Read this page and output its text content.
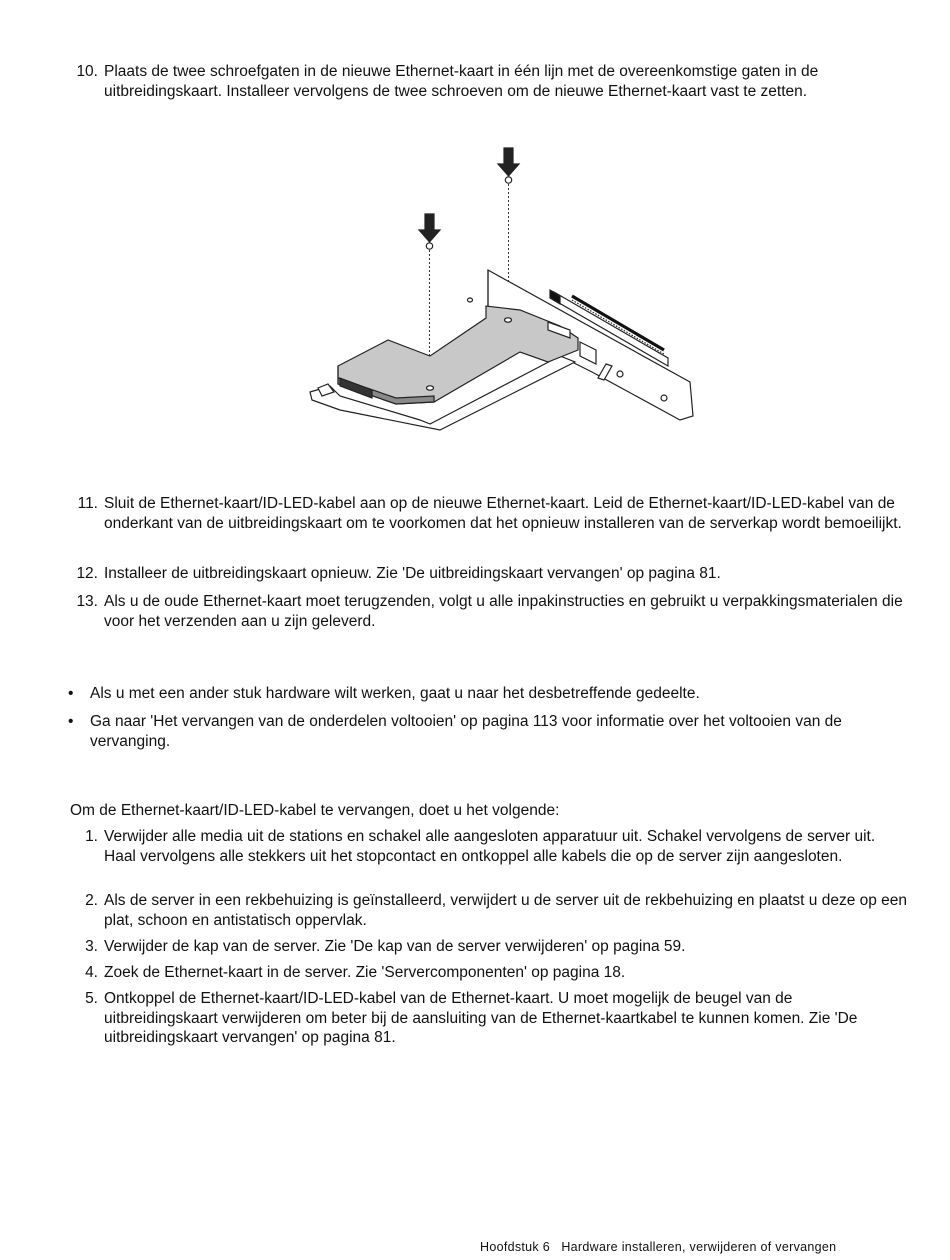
10. Plaats de twee schroefgaten in de nieuwe Ethernet-kaart in één lijn met de overeenkomstige gaten in de uitbreidingskaart. Installeer vervolgens de twee schroeven om de nieuwe Ethernet-kaart vast te zetten.
11. Sluit de Ethernet-kaart/ID-LED-kabel aan op de nieuwe Ethernet-kaart. Leid de Ethernet-kaart/ID-LED-kabel van de onderkant van de uitbreidingskaart om te voorkomen dat het opnieuw installeren van de serverkap wordt bemoeilijkt.
12. Installeer de uitbreidingskaart opnieuw. Zie 'De uitbreidingskaart vervangen' op pagina 81.
13. Als u de oude Ethernet-kaart moet terugzenden, volgt u alle inpakinstructies en gebruikt u verpakkingsmaterialen die voor het verzenden aan u zijn geleverd.
•	Als u met een ander stuk hardware wilt werken, gaat u naar het desbetreffende gedeelte.
•	Ga naar 'Het vervangen van de onderdelen voltooien' op pagina 113 voor informatie over het voltooien van de vervanging.
Om de Ethernet-kaart/ID-LED-kabel te vervangen, doet u het volgende:
1. Verwijder alle media uit de stations en schakel alle aangesloten apparatuur uit. Schakel vervolgens de server uit. Haal vervolgens alle stekkers uit het stopcontact en ontkoppel alle kabels die op de server zijn aangesloten.
2. Als de server in een rekbehuizing is geïnstalleerd, verwijdert u de server uit de rekbehuizing en plaatst u deze op een plat, schoon en antistatisch oppervlak.
3. Verwijder de kap van de server. Zie 'De kap van de server verwijderen' op pagina 59.
4. Zoek de Ethernet-kaart in de server. Zie 'Servercomponenten' op pagina 18.
5. Ontkoppel de Ethernet-kaart/ID-LED-kabel van de Ethernet-kaart. U moet mogelijk de beugel van de uitbreidingskaart verwijderen om beter bij de aansluiting van de Ethernet-kaartkabel te kunnen komen. Zie 'De uitbreidingskaart vervangen' op pagina 81.
Hoofdstuk 6 Hardware installeren, verwijderen of vervangen
